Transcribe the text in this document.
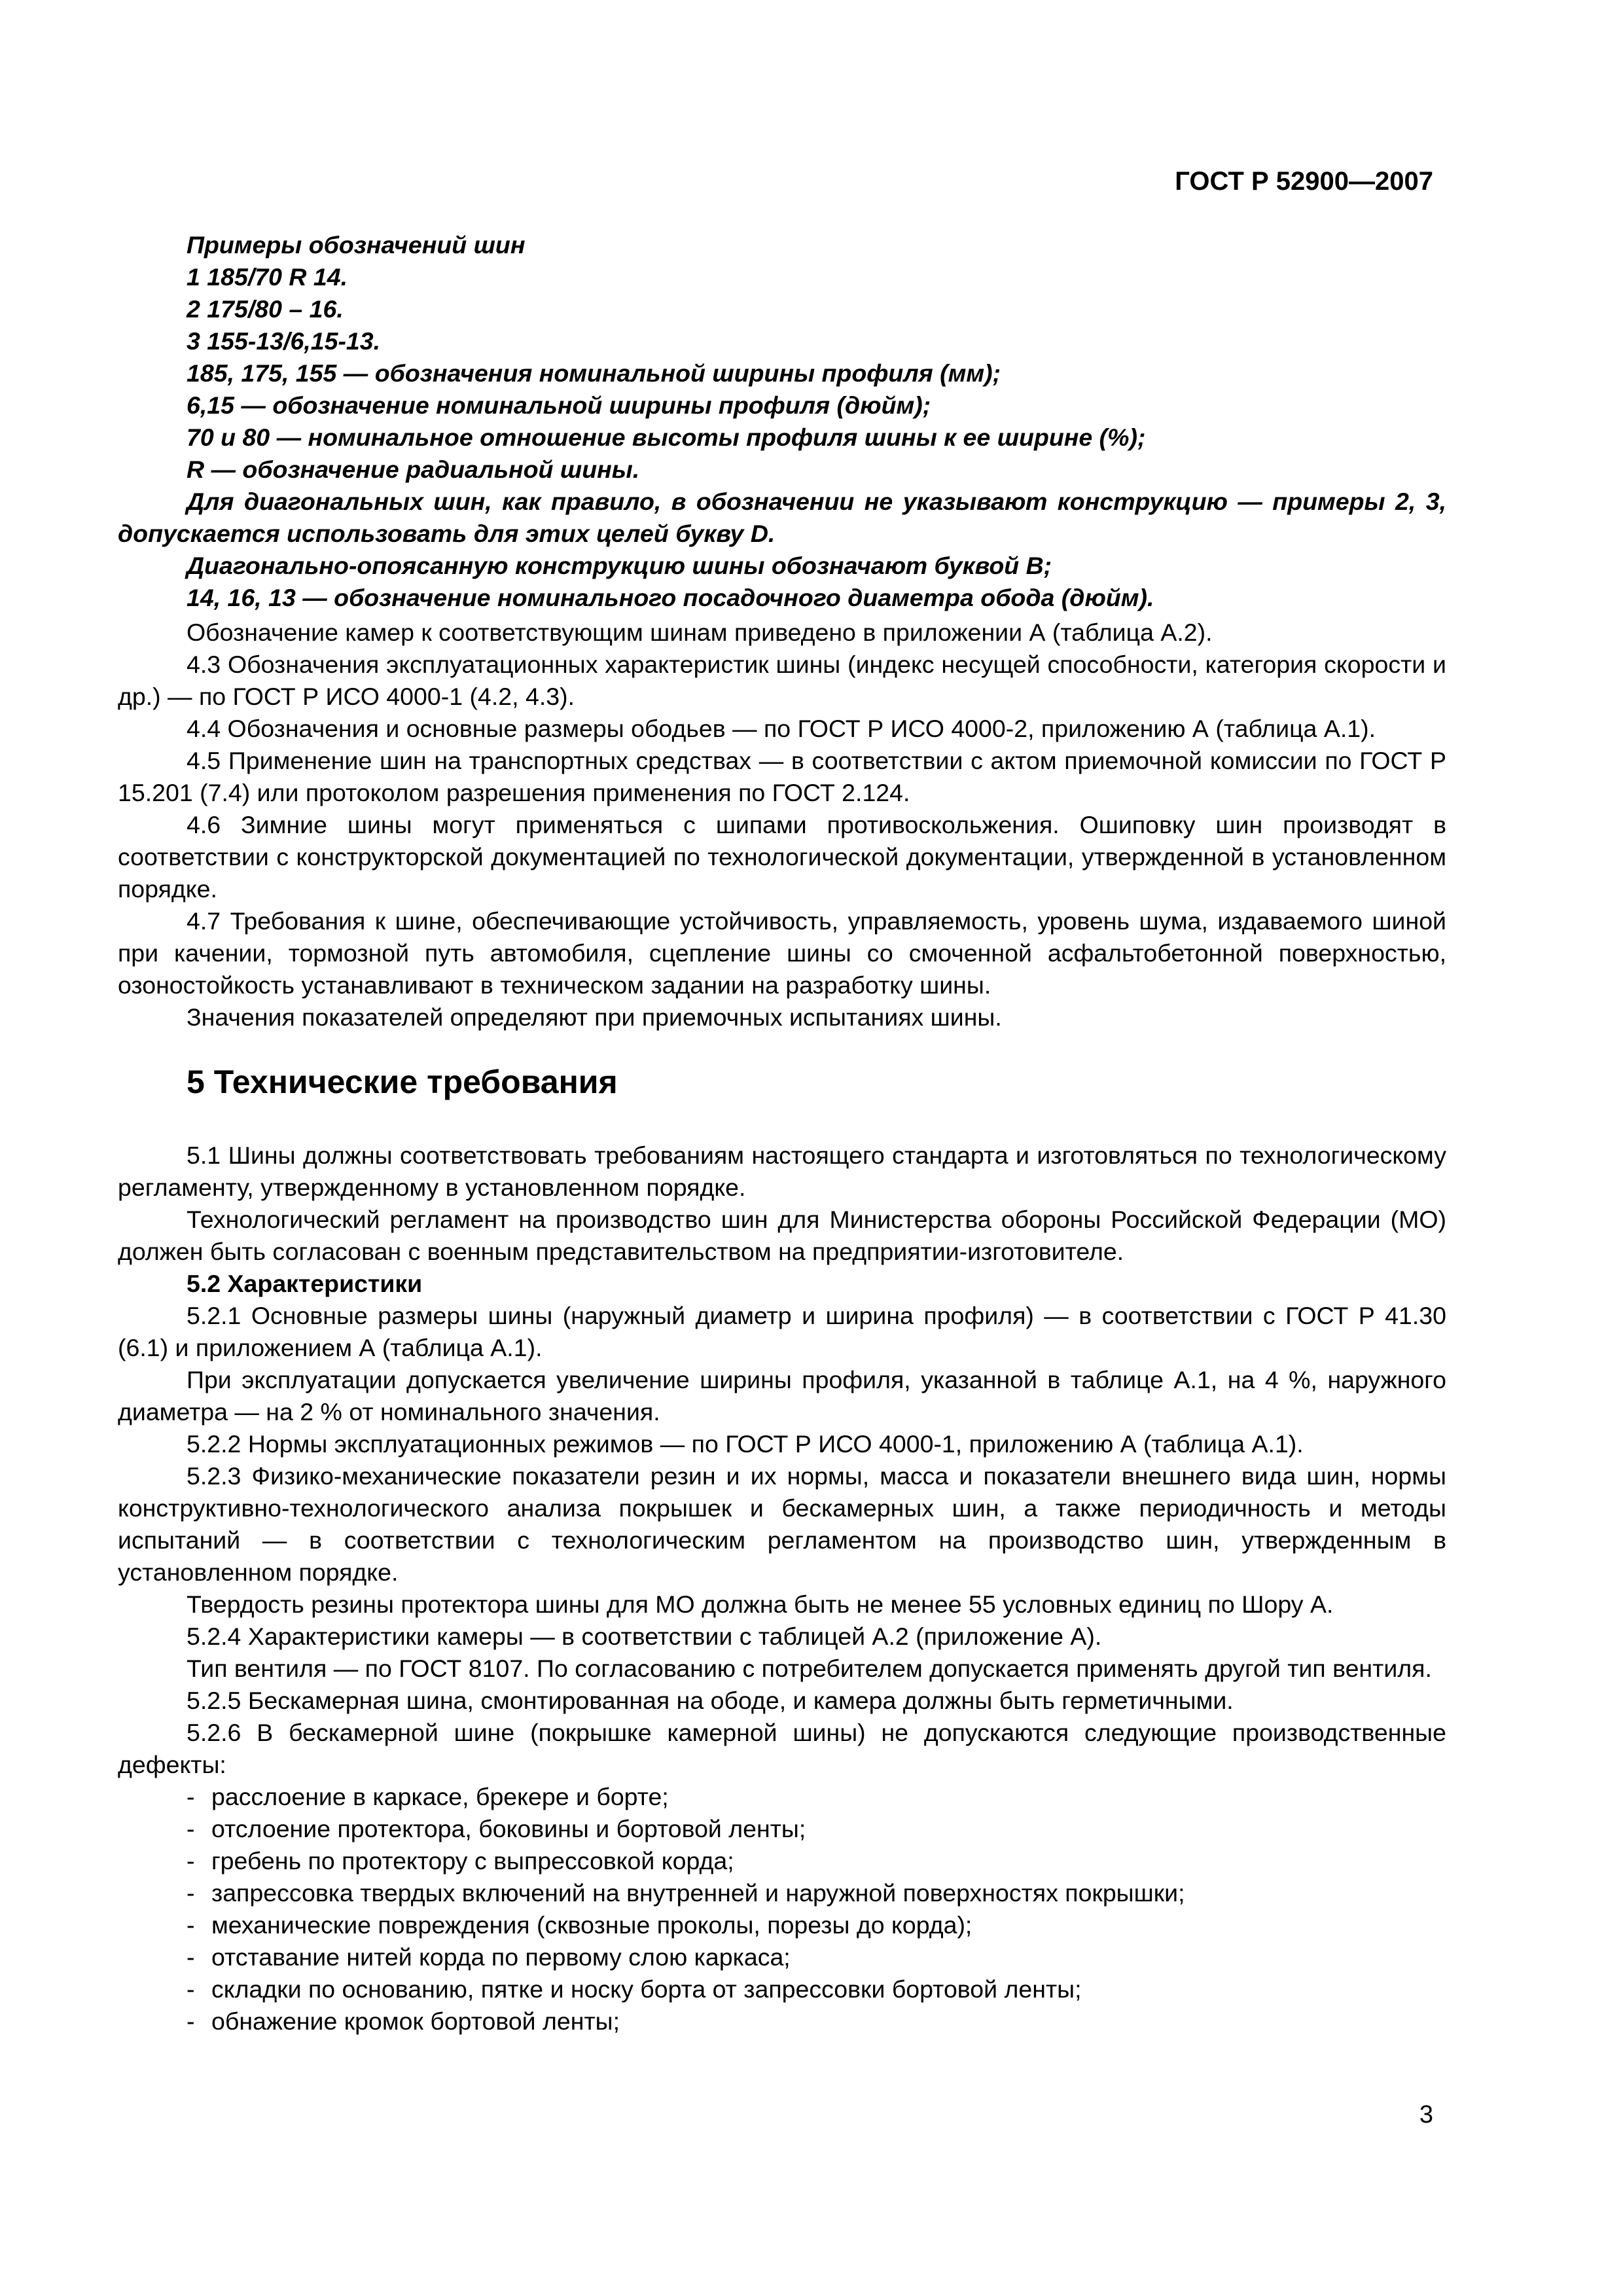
ГОСТ Р 52900—2007

Примеры обозначений шин

1 185/70 R 14.

2 175/80 – 16.

3 155-13/6,15-13.

185, 175, 155 — обозначения номинальной ширины профиля (мм);

6,15 — обозначение номинальной ширины профиля (дюйм);

70 и 80 — номинальное отношение высоты профиля шины к ее ширине (%);

R — обозначение радиальной шины.

Для диагональных шин, как правило, в обозначении не указывают конструкцию — примеры 2, 3, допускается использовать для этих целей букву D.

Диагонально-опоясанную конструкцию шины обозначают буквой В;

14, 16, 13 — обозначение номинального посадочного диаметра обода (дюйм).

Обозначение камер к соответствующим шинам приведено в приложении А (таблица А.2).

4.3 Обозначения эксплуатационных характеристик шины (индекс несущей способности, категория скорости и др.) — по ГОСТ Р ИСО 4000-1 (4.2, 4.3).

4.4 Обозначения и основные размеры ободьев — по ГОСТ Р ИСО 4000-2, приложению А (таблица А.1).

4.5 Применение шин на транспортных средствах — в соответствии с актом приемочной комиссии по ГОСТ Р 15.201 (7.4) или протоколом разрешения применения по ГОСТ 2.124.

4.6 Зимние шины могут применяться с шипами противоскольжения. Ошиповку шин производят в соответствии с конструкторской документацией по технологической документации, утвержденной в установленном порядке.

4.7 Требования к шине, обеспечивающие устойчивость, управляемость, уровень шума, издаваемого шиной при качении, тормозной путь автомобиля, сцепление шины со смоченной асфальтобетонной поверхностью, озоностойкость устанавливают в техническом задании на разработку шины.

Значения показателей определяют при приемочных испытаниях шины.

5 Технические требования

5.1 Шины должны соответствовать требованиям настоящего стандарта и изготовляться по технологическому регламенту, утвержденному в установленном порядке.

Технологический регламент на производство шин для Министерства обороны Российской Федерации (МО) должен быть согласован с военным представительством на предприятии-изготовителе.

5.2 Характеристики

5.2.1 Основные размеры шины (наружный диаметр и ширина профиля) — в соответствии с ГОСТ Р 41.30 (6.1) и приложением А (таблица А.1).

При эксплуатации допускается увеличение ширины профиля, указанной в таблице А.1, на 4 %, наружного диаметра — на 2 % от номинального значения.

5.2.2 Нормы эксплуатационных режимов — по ГОСТ Р ИСО 4000-1, приложению А (таблица А.1).

5.2.3 Физико-механические показатели резин и их нормы, масса и показатели внешнего вида шин, нормы конструктивно-технологического анализа покрышек и бескамерных шин, а также периодичность и методы испытаний — в соответствии с технологическим регламентом на производство шин, утвержденным в установленном порядке.

Твердость резины протектора шины для МО должна быть не менее 55 условных единиц по Шору А.

5.2.4 Характеристики камеры — в соответствии с таблицей А.2 (приложение А).

Тип вентиля — по ГОСТ 8107. По согласованию с потребителем допускается применять другой тип вентиля.

5.2.5 Бескамерная шина, смонтированная на ободе, и камера должны быть герметичными.

5.2.6 В бескамерной шине (покрышке камерной шины) не допускаются следующие производственные дефекты:

- расслоение в каркасе, брекере и борте;
- отслоение протектора, боковины и бортовой ленты;
- гребень по протектору с выпрессовкой корда;
- запрессовка твердых включений на внутренней и наружной поверхностях покрышки;
- механические повреждения (сквозные проколы, порезы до корда);
- отставание нитей корда по первому слою каркаса;
- складки по основанию, пятке и носку борта от запрессовки бортовой ленты;
- обнажение кромок бортовой ленты;
3
